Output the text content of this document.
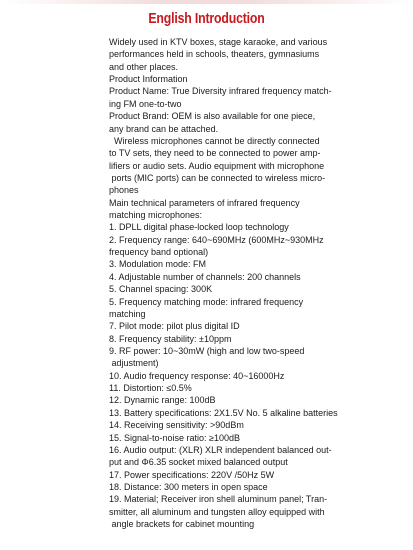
English Introduction
Widely used in KTV boxes, stage karaoke, and various
performances held in schools, theaters, gymnasiums
and other places.
Product Information
Product Name: True Diversity infrared frequency match-
ing FM one-to-two
Product Brand: OEM is also available for one piece,
any brand can be attached.
Wireless microphones cannot be directly connected
to TV sets, they need to be connected to power amp-
lifiers or audio sets. Audio equipment with microphone
ports (MIC ports) can be connected to wireless micro-
phones
Main technical parameters of infrared frequency
matching microphones:
1. DPLL digital phase-locked loop technology
2. Frequency range: 640~690MHz (600MHz~930MHz
frequency band optional)
3. Modulation mode: FM
4. Adjustable number of channels: 200 channels
5. Channel spacing: 300K
5. Frequency matching mode: infrared frequency
matching
7. Pilot mode: pilot plus digital ID
8. Frequency stability: ±10ppm
9. RF power: 10~30mW (high and low two-speed
adjustment)
10. Audio frequency response: 40~16000Hz
11. Distortion: ≤0.5%
12. Dynamic range: 100dB
13. Battery specifications: 2X1.5V No. 5 alkaline batteries
14. Receiving sensitivity: >90dBm
15. Signal-to-noise ratio: ≥100dB
16. Audio output: (XLR) XLR independent balanced out-
put and Φ6.35 socket mixed balanced output
17. Power specifications: 220V /50Hz 5W
18. Distance: 300 meters in open space
19. Material; Receiver iron shell aluminum panel; Tran-
smitter, all aluminum and tungsten alloy equipped with
angle brackets for cabinet mounting
